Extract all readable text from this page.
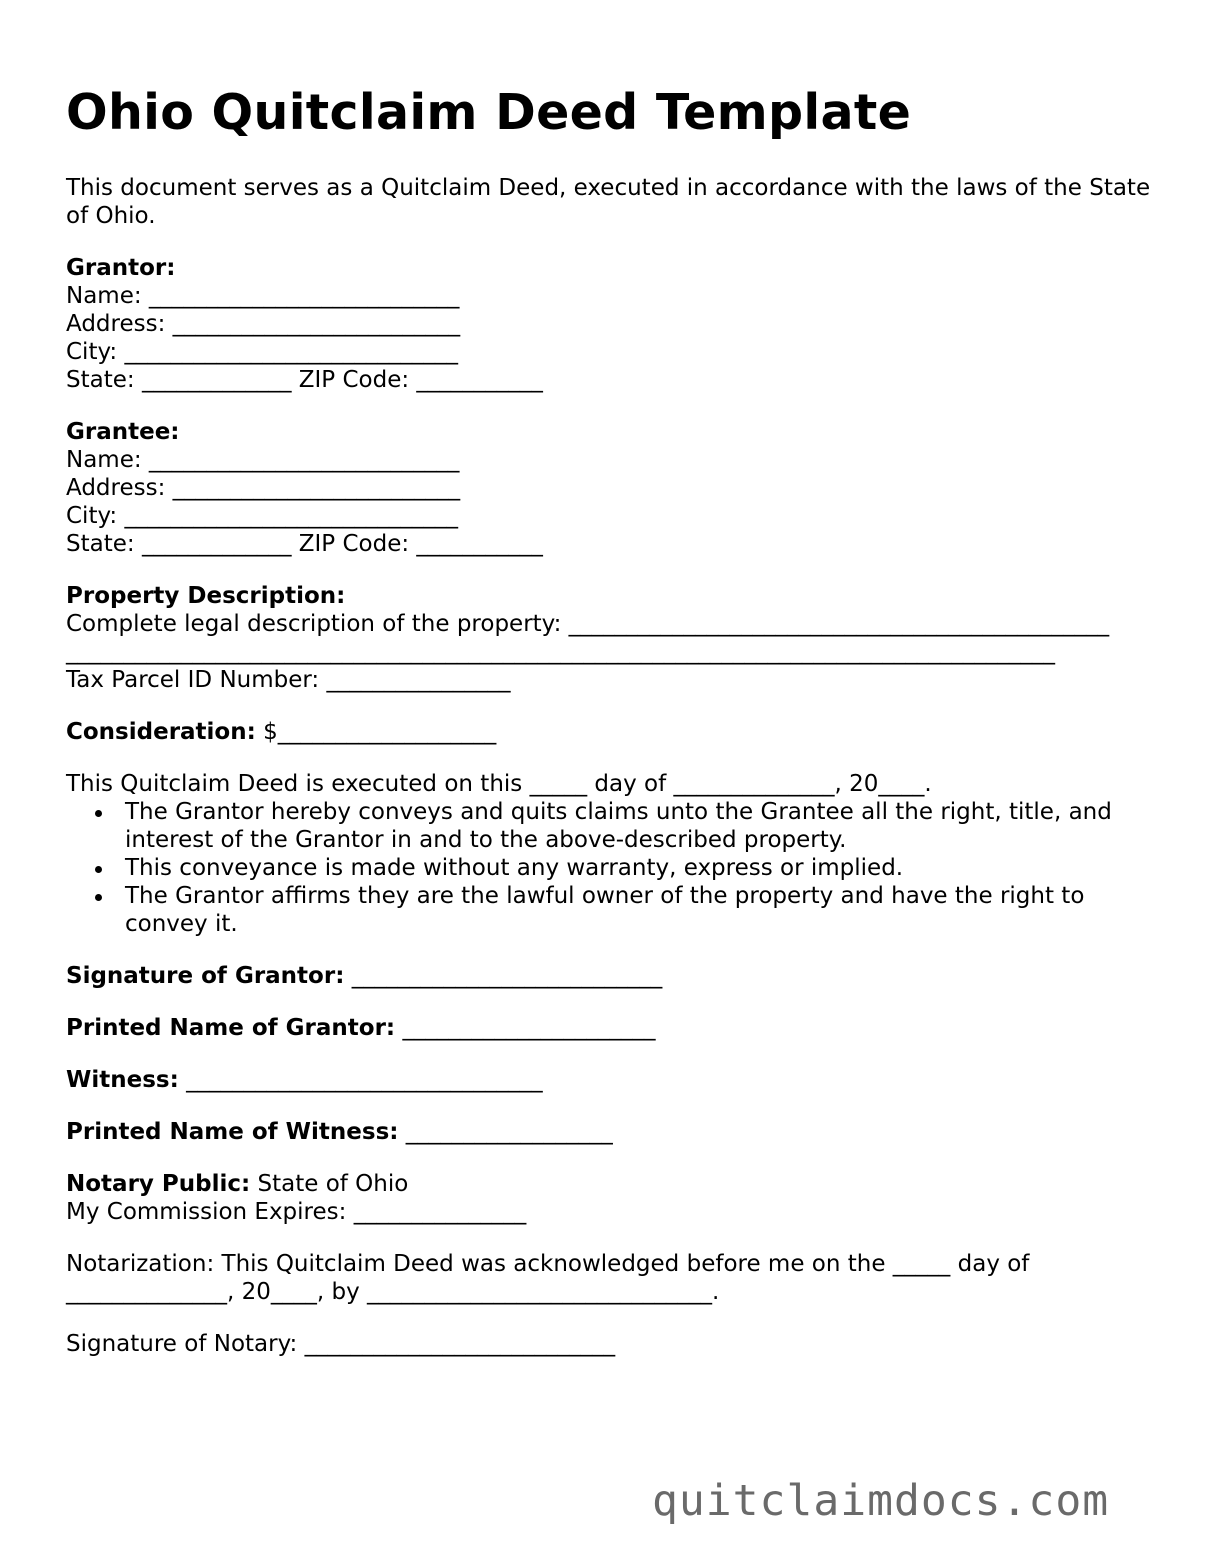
Ohio Quitclaim Deed Template

This document serves as a Quitclaim Deed, executed in accordance with the laws of the State of Ohio.

Grantor:

Name: ___________________________

Address: _________________________

City: _____________________________

State: _____________ ZIP Code: ___________

Grantee:

Name: ___________________________

Address: _________________________

City: _____________________________

State: _____________ ZIP Code: ___________

Property Description:

Complete legal description of the property: _______________________________________________

______________________________________________________________________________________

Tax Parcel ID Number: ________________

Consideration: $___________________

This Quitclaim Deed is executed on this _____ day of ______________, 20____.

The Grantor hereby conveys and quits claims unto the Grantee all the right, title, and interest of the Grantor in and to the above-described property.
This conveyance is made without any warranty, express or implied.
The Grantor affirms they are the lawful owner of the property and have the right to convey it.

Signature of Grantor: ___________________________

Printed Name of Grantor: ______________________

Witness: _______________________________

Printed Name of Witness: __________________

Notary Public: State of Ohio

My Commission Expires: _______________

Notarization: This Quitclaim Deed was acknowledged before me on the _____ day of ______________, 20____, by ______________________________.

Signature of Notary: ___________________________

quitclaimdocs.com
